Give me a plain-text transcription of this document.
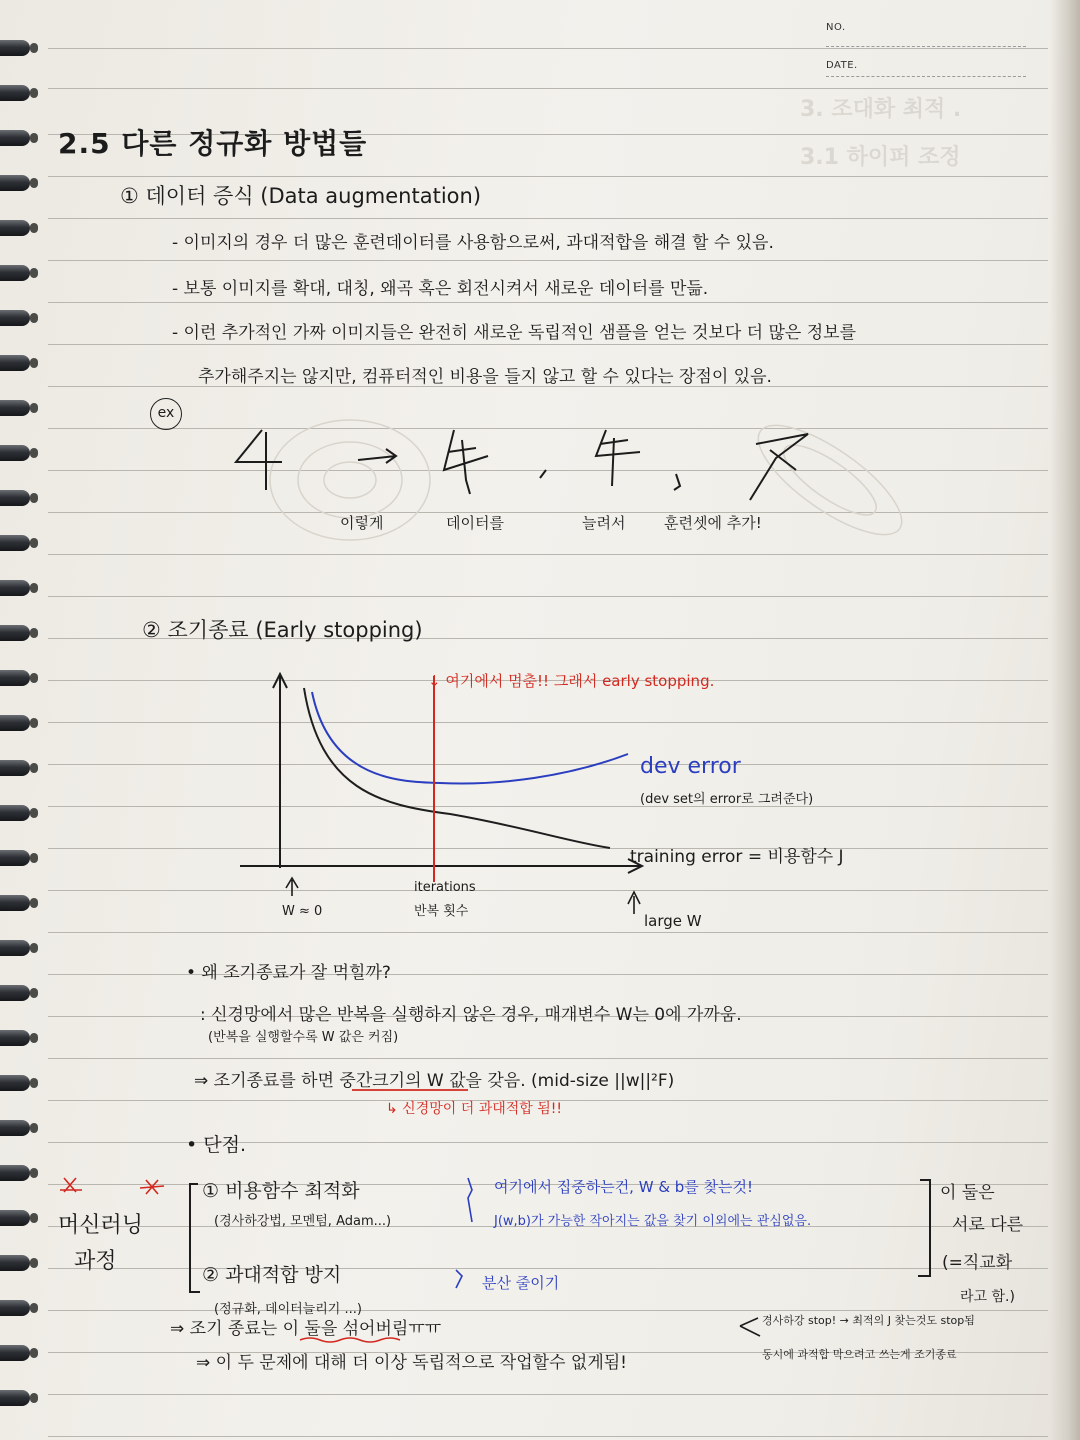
3. 조대화 최적 .
3.1 하이퍼 조정
NO.
DATE.
2.5 다른 정규화 방법들
① 데이터 증식 (Data augmentation)
- 이미지의 경우 더 많은 훈련데이터를 사용함으로써, 과대적합을 해결 할 수 있음.
- 보통 이미지를 확대, 대칭, 왜곡 혹은 회전시켜서 새로운 데이터를 만듦.
- 이런 추가적인 가짜 이미지들은 완전히 새로운 독립적인 샘플을 얻는 것보다 더 많은 정보를
추가해주지는 않지만, 컴퓨터적인 비용을 들지 않고 할 수 있다는 장점이 있음.
ex
이렇게	데이터를	늘려서	훈련셋에 추가!
② 조기종료 (Early stopping)
↓ 여기에서 멈춤!! 그래서 early stopping.
dev error
(dev set의 error로 그려준다)
training error = 비용함수 J
iterations
반복 횟수
W ≈ 0
large W
• 왜 조기종료가 잘 먹힐까?
: 신경망에서 많은 반복을 실행하지 않은 경우, 매개변수 W는 0에 가까움.
(반복을 실행할수록 W 값은 커짐)
⇒ 조기종료를 하면 중간크기의 W 값을 갖음. (mid-size ||w||²F)
↳ 신경망이 더 과대적합 됨!!
• 단점.
머신러닝
과정
① 비용함수 최적화
(경사하강법, 모멘텀, Adam...)
② 과대적합 방지
(정규화, 데이터늘리기 ...)
여기에서 집중하는건, W & b를 찾는것!
J(w,b)가 가능한 작아지는 값을 찾기 이외에는 관심없음.
분산 줄이기
이 둘은
서로 다른
(=직교화
라고 함.)
⇒ 조기 종료는 이 둘을 섞어버림ㅠㅠ
⇒ 이 두 문제에 대해 더 이상 독립적으로 작업할수 없게됨!
경사하강 stop! → 최적의 J 찾는것도 stop됨
동시에 과적합 막으려고 쓰는게 조기종료
